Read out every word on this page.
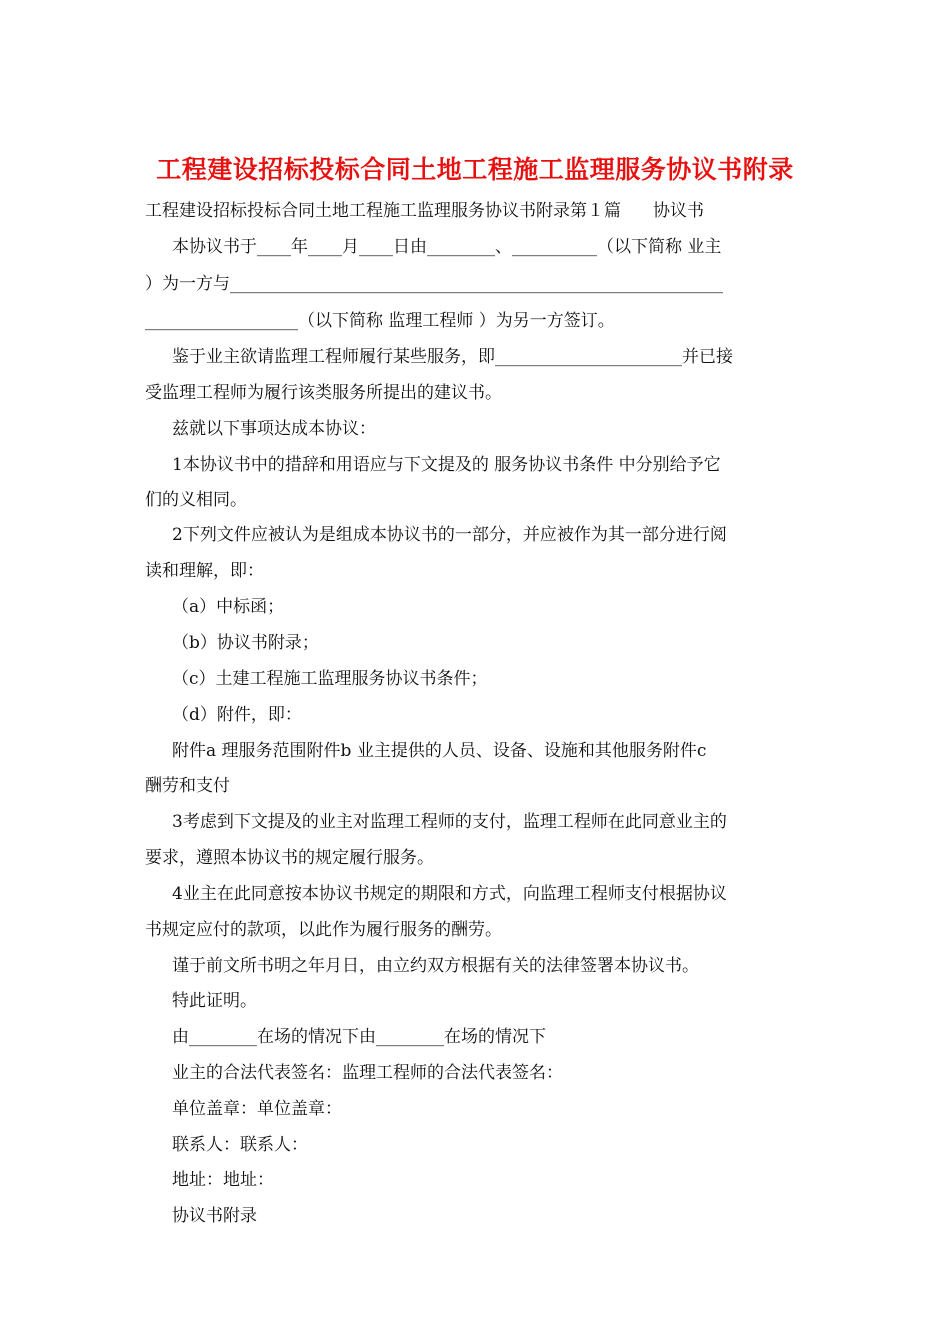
工程建设招标投标合同土地工程施工监理服务协议书附录
工程建设招标投标合同土地工程施工监理服务协议书附录第１篇 协议书
本协议书于____年____月____日由________、__________（以下简称 业主
）为一方与__________________________________________________________
__________________（以下简称 监理工程师 ）为另一方签订。
鉴于业主欲请监理工程师履行某些服务，即______________________并已接
受监理工程师为履行该类服务所提出的建议书。
兹就以下事项达成本协议：
1本协议书中的措辞和用语应与下文提及的 服务协议书条件 中分别给予它
们的义相同。
2下列文件应被认为是组成本协议书的一部分，并应被作为其一部分进行阅
读和理解，即：
（a）中标函；
（b）协议书附录；
（c）土建工程施工监理服务协议书条件；
（d）附件，即：
附件a 理服务范围附件b 业主提供的人员、设备、设施和其他服务附件c
酬劳和支付
3考虑到下文提及的业主对监理工程师的支付，监理工程师在此同意业主的
要求，遵照本协议书的规定履行服务。
4业主在此同意按本协议书规定的期限和方式，向监理工程师支付根据协议
书规定应付的款项，以此作为履行服务的酬劳。
谨于前文所书明之年月日，由立约双方根据有关的法律签署本协议书。
特此证明。
由________在场的情况下由________在场的情况下
业主的合法代表签名：监理工程师的合法代表签名：
单位盖章：单位盖章：
联系人：联系人：
地址：地址：
协议书附录
